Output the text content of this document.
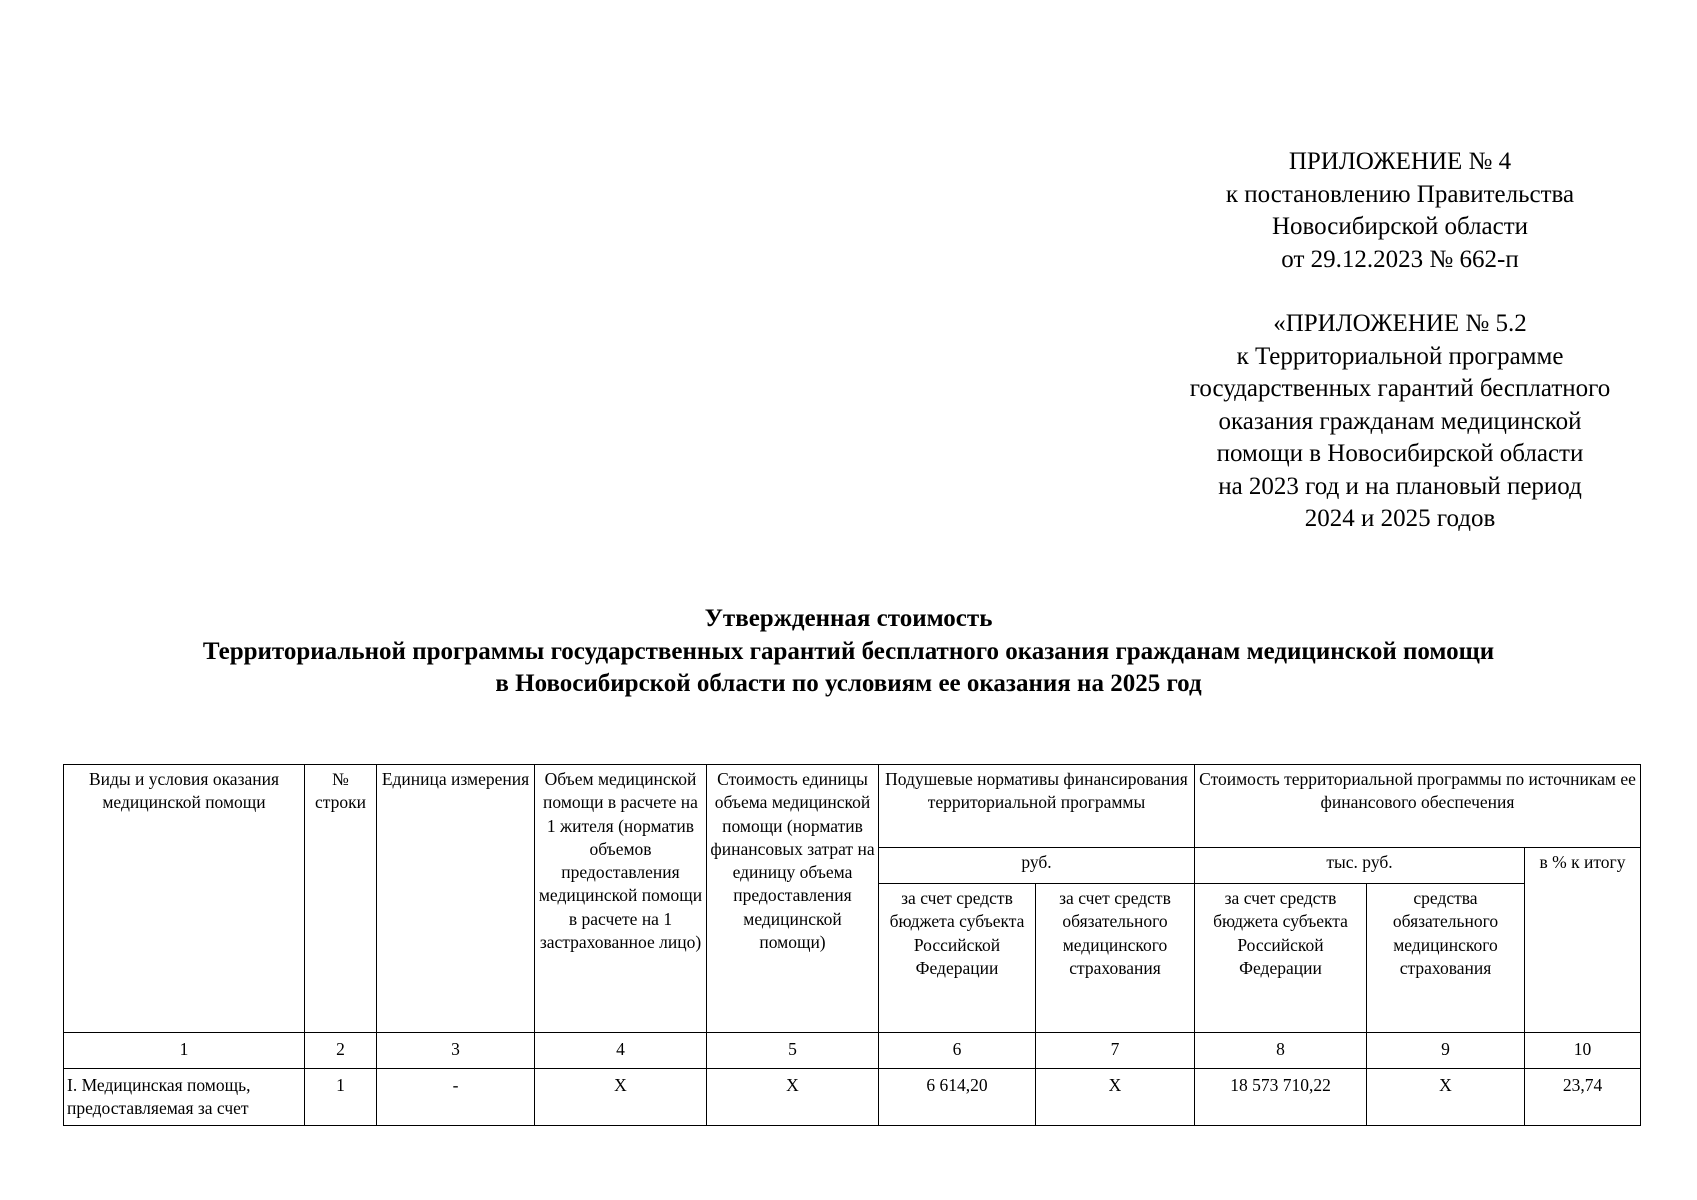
ПРИЛОЖЕНИЕ № 4
к постановлению Правительства
Новосибирской области
от 29.12.2023 № 662-п
«ПРИЛОЖЕНИЕ № 5.2
к Территориальной программе
государственных гарантий бесплатного
оказания гражданам медицинской
помощи в Новосибирской области
на 2023 год и на плановый период
2024 и 2025 годов
Утвержденная стоимость
Территориальной программы государственных гарантий бесплатного оказания гражданам медицинской помощи
в Новосибирской области по условиям ее оказания на 2025 год
Виды и условия оказания медицинской помощи	№ строки	Единица измерения	Объем медицинской помощи в расчете на 1 жителя (норматив объемов предоставления медицинской помощи в расчете на 1 застрахованное лицо)	Стоимость единицы объема медицинской помощи (норматив финансовых затрат на единицу объема предоставления медицинской помощи)	Подушевые нормативы финансирования территориальной программы		Стоимость территориальной программы по источникам ее финансового обеспечения		
					руб.		тыс. руб.		в % к итогу
					за счет средств бюджета субъекта Российской Федерации	за счет средств обязательного медицинского страхования	за счет средств бюджета субъекта Российской Федерации	средства обязательного медицинского страхования	
1	2	3	4	5	6	7	8	9	10
I. Медицинская помощь, предоставляемая за счет	1	-	Х	Х	6 614,20	Х	18 573 710,22	Х	23,74
